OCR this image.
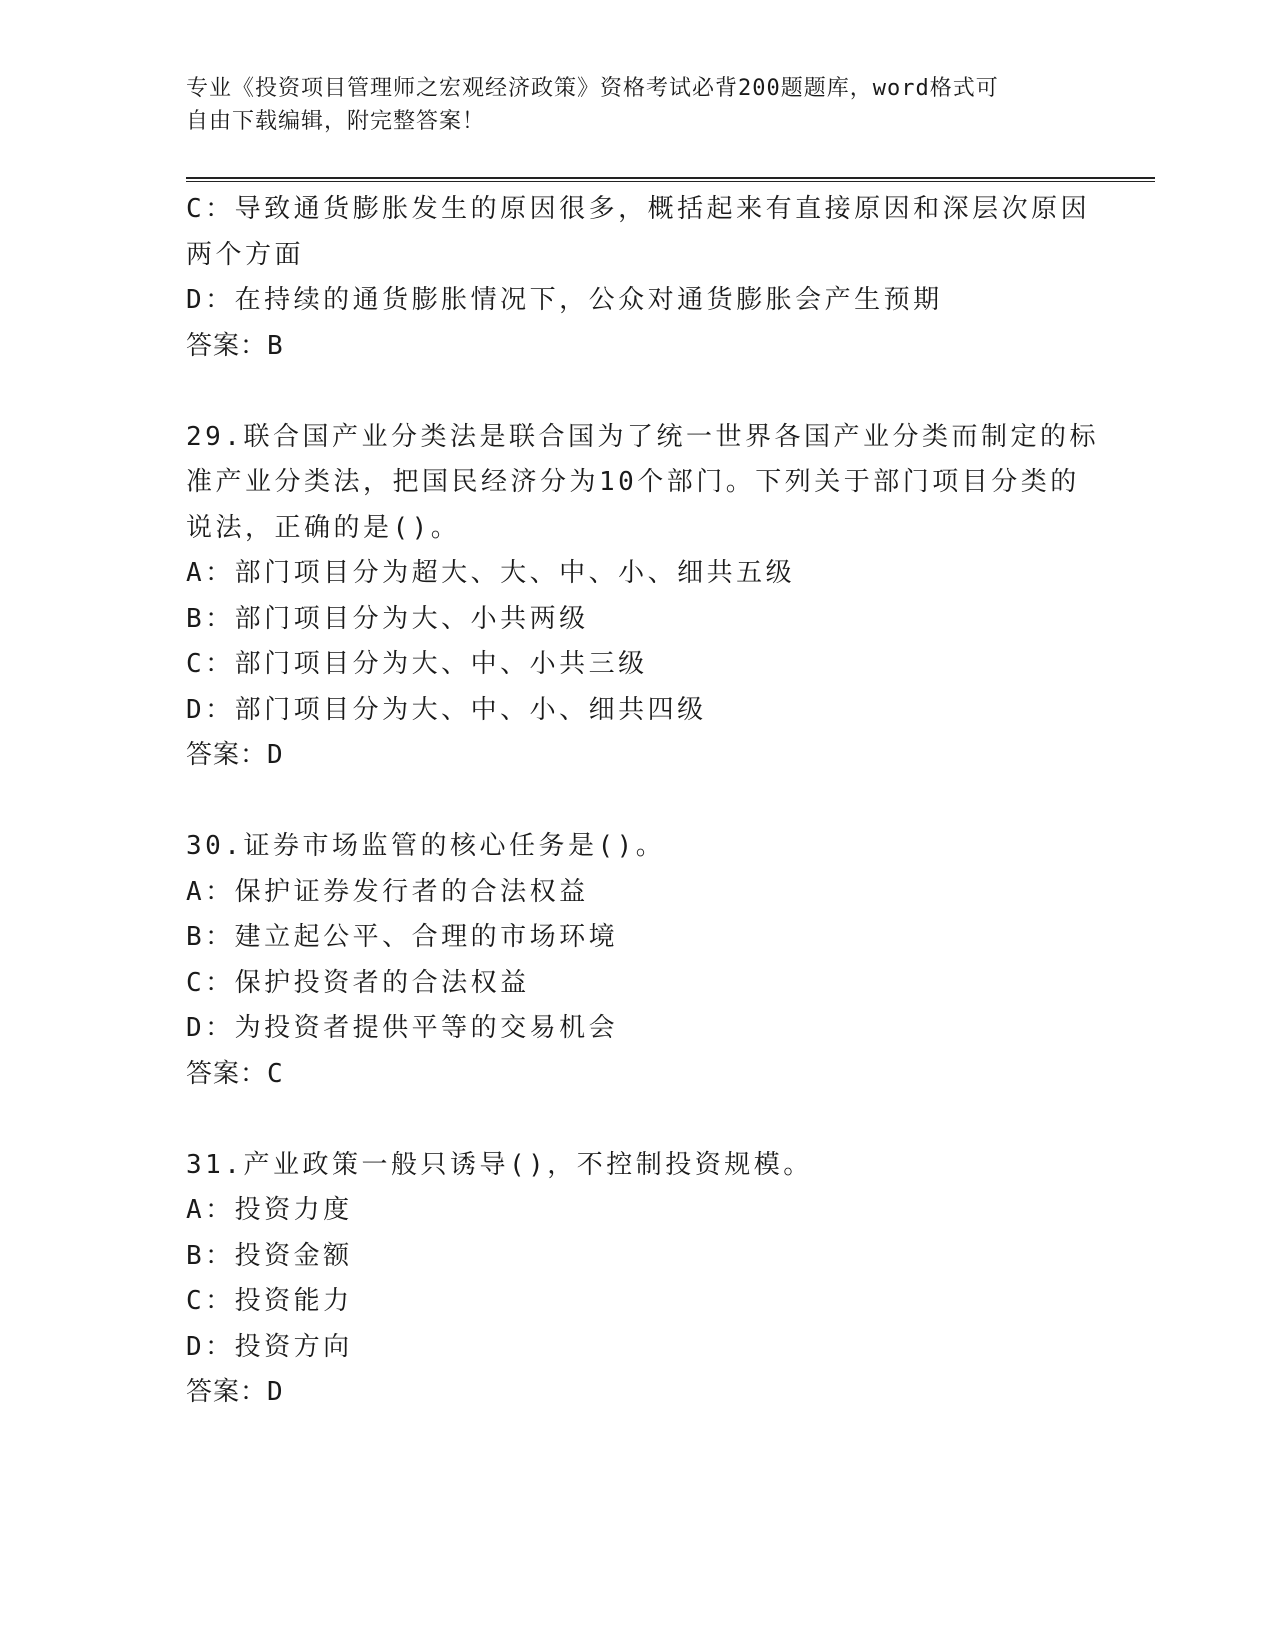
专业《投资项目管理师之宏观经济政策》资格考试必背200题题库，word格式可
自由下载编辑，附完整答案！
C：导致通货膨胀发生的原因很多，概括起来有直接原因和深层次原因
两个方面
D：在持续的通货膨胀情况下，公众对通货膨胀会产生预期
答案：B
29.联合国产业分类法是联合国为了统一世界各国产业分类而制定的标
准产业分类法，把国民经济分为10个部门。下列关于部门项目分类的
说法，正确的是()。
A：部门项目分为超大、大、中、小、细共五级
B：部门项目分为大、小共两级
C：部门项目分为大、中、小共三级
D：部门项目分为大、中、小、细共四级
答案：D
30.证券市场监管的核心任务是()。
A：保护证券发行者的合法权益
B：建立起公平、合理的市场环境
C：保护投资者的合法权益
D：为投资者提供平等的交易机会
答案：C
31.产业政策一般只诱导()，不控制投资规模。
A：投资力度
B：投资金额
C：投资能力
D：投资方向
答案：D
